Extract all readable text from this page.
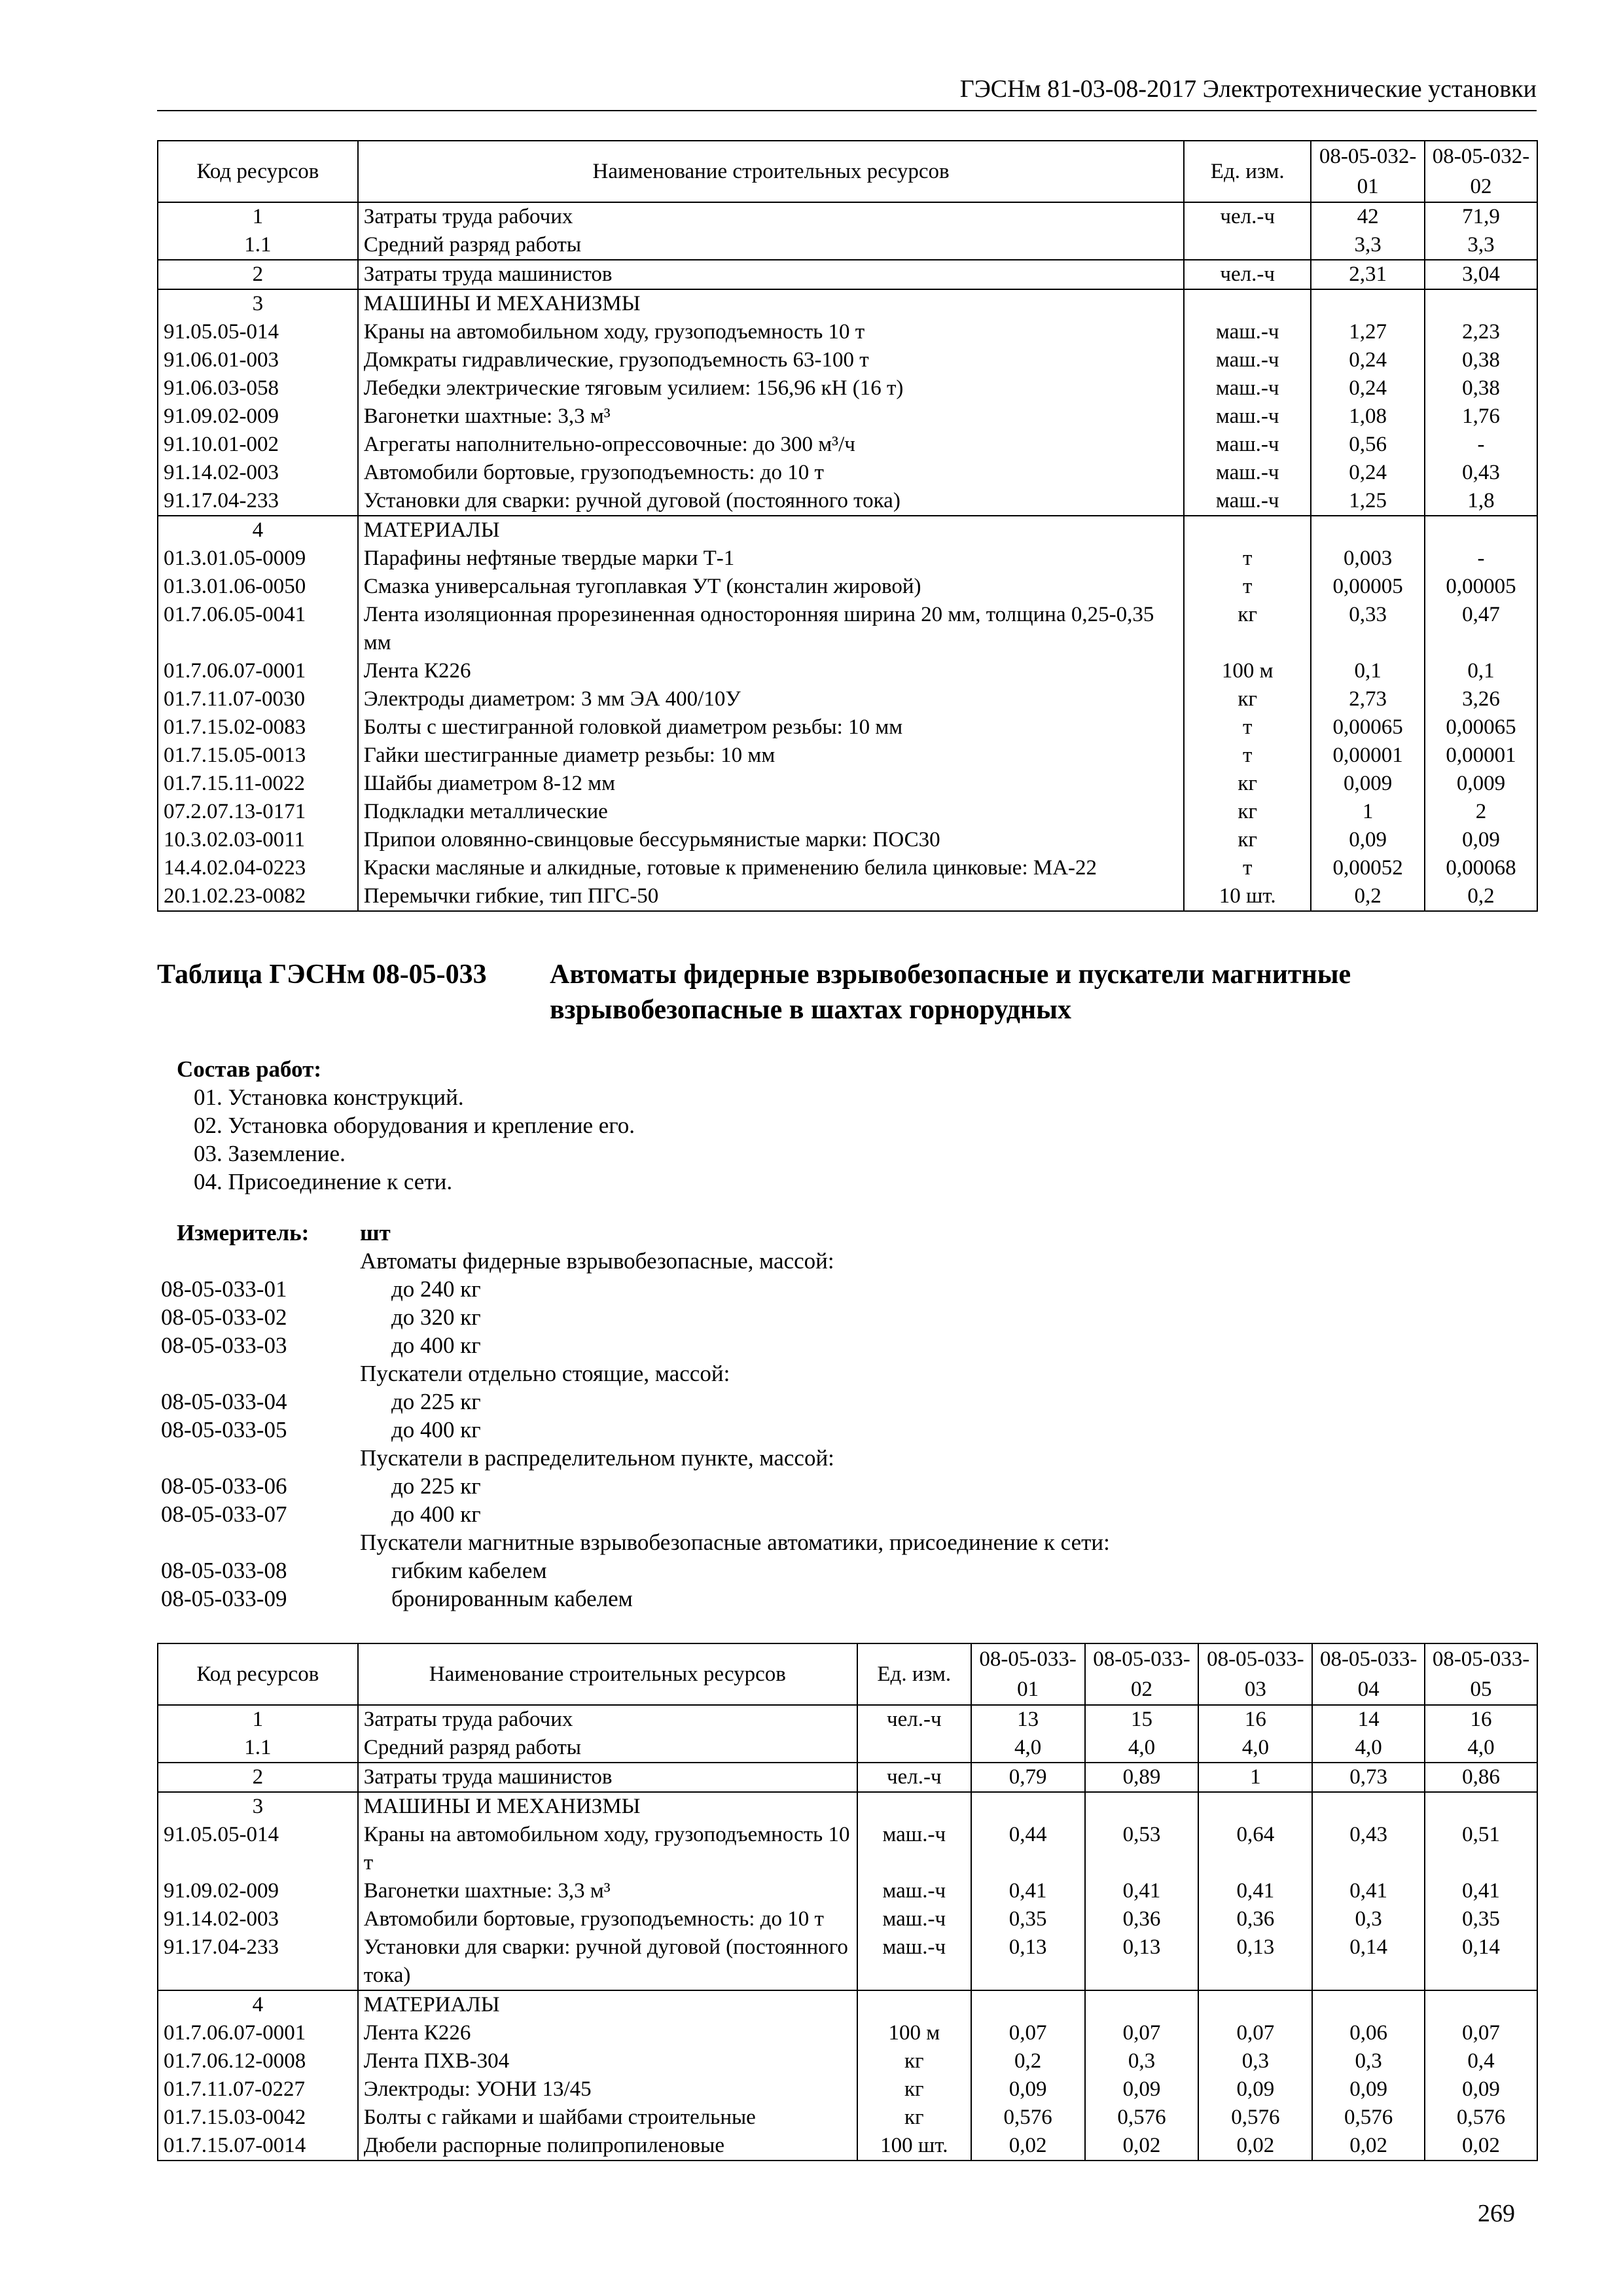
ГЭСНм 81-03-08-2017 Электротехнические установки
Код ресурсов	Наименование строительных ресурсов	Ед. изм.	08-05-032-01	08-05-032-02
1	Затраты труда рабочих	чел.-ч	42	71,9
1.1	Средний разряд работы		3,3	3,3
2	Затраты труда машинистов	чел.-ч	2,31	3,04
3	МАШИНЫ И МЕХАНИЗМЫ			
91.05.05-014	Краны на автомобильном ходу, грузоподъемность 10 т	маш.-ч	1,27	2,23
91.06.01-003	Домкраты гидравлические, грузоподъемность 63-100 т	маш.-ч	0,24	0,38
91.06.03-058	Лебедки электрические тяговым усилием: 156,96 кН (16 т)	маш.-ч	0,24	0,38
91.09.02-009	Вагонетки шахтные: 3,3 м³	маш.-ч	1,08	1,76
91.10.01-002	Агрегаты наполнительно-опрессовочные: до 300 м³/ч	маш.-ч	0,56	-
91.14.02-003	Автомобили бортовые, грузоподъемность: до 10 т	маш.-ч	0,24	0,43
91.17.04-233	Установки для сварки: ручной дуговой (постоянного тока)	маш.-ч	1,25	1,8
4	МАТЕРИАЛЫ			
01.3.01.05-0009	Парафины нефтяные твердые марки Т-1	т	0,003	-
01.3.01.06-0050	Смазка универсальная тугоплавкая УТ (консталин жировой)	т	0,00005	0,00005
01.7.06.05-0041	Лента изоляционная прорезиненная односторонняя ширина 20 мм, толщина 0,25-0,35 мм	кг	0,33	0,47
01.7.06.07-0001	Лента К226	100 м	0,1	0,1
01.7.11.07-0030	Электроды диаметром: 3 мм ЭА 400/10У	кг	2,73	3,26
01.7.15.02-0083	Болты с шестигранной головкой диаметром резьбы: 10 мм	т	0,00065	0,00065
01.7.15.05-0013	Гайки шестигранные диаметр резьбы: 10 мм	т	0,00001	0,00001
01.7.15.11-0022	Шайбы диаметром 8-12 мм	кг	0,009	0,009
07.2.07.13-0171	Подкладки металлические	кг	1	2
10.3.02.03-0011	Припои оловянно-свинцовые бессурьмянистые марки: ПОС30	кг	0,09	0,09
14.4.02.04-0223	Краски масляные и алкидные, готовые к применению белила цинковые: МА-22	т	0,00052	0,00068
20.1.02.23-0082	Перемычки гибкие, тип ПГС-50	10 шт.	0,2	0,2
Таблица ГЭСНм 08-05-033 Автоматы фидерные взрывобезопасные и пускатели магнитные взрывобезопасные в шахтах горнорудных
Состав работ:
01. Установка конструкций.
02. Установка оборудования и крепление его.
03. Заземление.
04. Присоединение к сети.
Измеритель:	шт
Автоматы фидерные взрывобезопасные, массой:
08-05-033-01	до 240 кг
08-05-033-02	до 320 кг
08-05-033-03	до 400 кг
Пускатели отдельно стоящие, массой:
08-05-033-04	до 225 кг
08-05-033-05	до 400 кг
Пускатели в распределительном пункте, массой:
08-05-033-06	до 225 кг
08-05-033-07	до 400 кг
Пускатели магнитные взрывобезопасные автоматики, присоединение к сети:
08-05-033-08	гибким кабелем
08-05-033-09	бронированным кабелем
Код ресурсов	Наименование строительных ресурсов	Ед. изм.	08-05-033-01	08-05-033-02	08-05-033-03	08-05-033-04	08-05-033-05
1	Затраты труда рабочих	чел.-ч	13	15	16	14	16
1.1	Средний разряд работы		4,0	4,0	4,0	4,0	4,0
2	Затраты труда машинистов	чел.-ч	0,79	0,89	1	0,73	0,86
3	МАШИНЫ И МЕХАНИЗМЫ						
91.05.05-014	Краны на автомобильном ходу, грузоподъемность 10 т	маш.-ч	0,44	0,53	0,64	0,43	0,51
91.09.02-009	Вагонетки шахтные: 3,3 м³	маш.-ч	0,41	0,41	0,41	0,41	0,41
91.14.02-003	Автомобили бортовые, грузоподъемность: до 10 т	маш.-ч	0,35	0,36	0,36	0,3	0,35
91.17.04-233	Установки для сварки: ручной дуговой (постоянного тока)	маш.-ч	0,13	0,13	0,13	0,14	0,14
4	МАТЕРИАЛЫ						
01.7.06.07-0001	Лента К226	100 м	0,07	0,07	0,07	0,06	0,07
01.7.06.12-0008	Лента ПХВ-304	кг	0,2	0,3	0,3	0,3	0,4
01.7.11.07-0227	Электроды: УОНИ 13/45	кг	0,09	0,09	0,09	0,09	0,09
01.7.15.03-0042	Болты с гайками и шайбами строительные	кг	0,576	0,576	0,576	0,576	0,576
01.7.15.07-0014	Дюбели распорные полипропиленовые	100 шт.	0,02	0,02	0,02	0,02	0,02
269
